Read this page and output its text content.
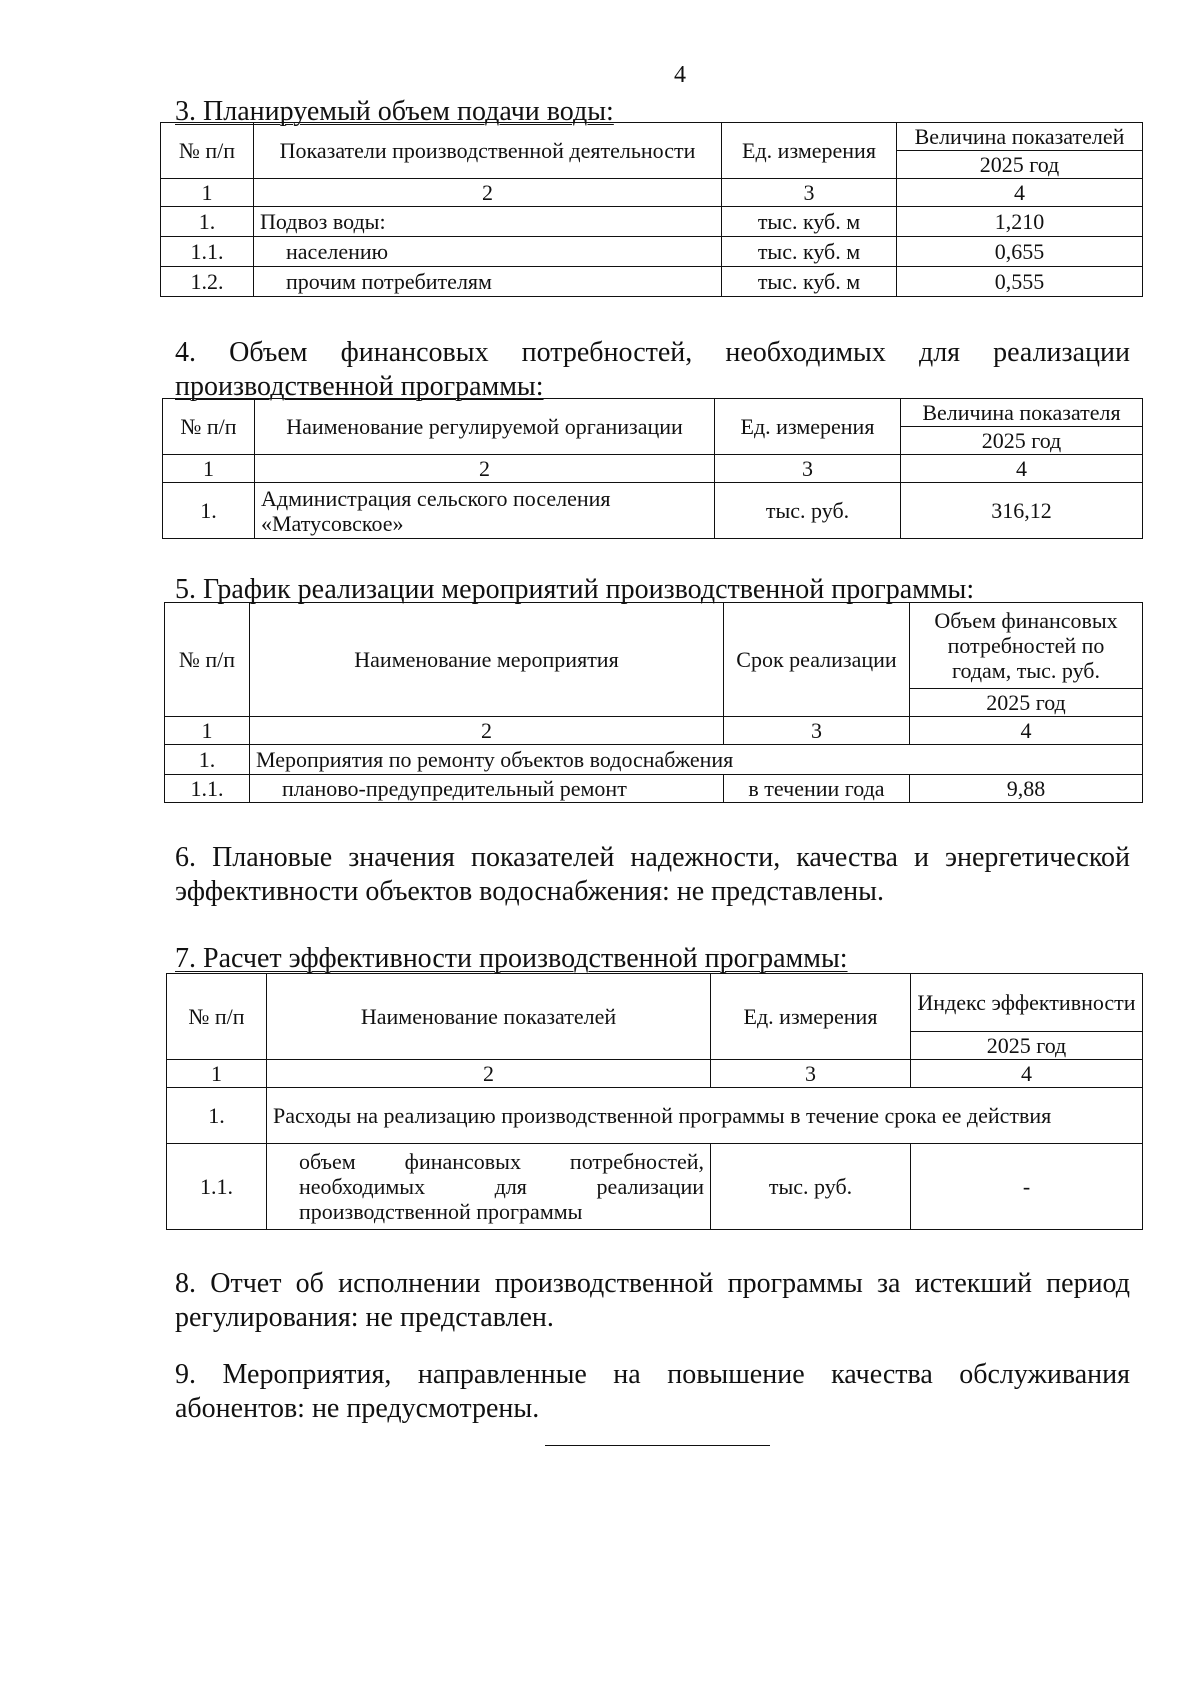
4
3. Планируемый объем подачи воды:
№ п/п	Показатели производственной деятельности	Ед. измерения	Величина показателей
			2025 год
1	2	3	4
1.	Подвоз воды:	тыс. куб. м	1,210
1.1.	населению	тыс. куб. м	0,655
1.2.	прочим потребителям	тыс. куб. м	0,555
4. Объем финансовых потребностей, необходимых для реализации
производственной программы:
№ п/п	Наименование регулируемой организации	Ед. измерения	Величина показателя
			2025 год
1	2	3	4
1.	Администрация сельского поселения «Матусовское»	тыс. руб.	316,12
5. График реализации мероприятий производственной программы:
№ п/п	Наименование мероприятия	Срок реализации	Объем финансовых потребностей по годам, тыс. руб.
			2025 год
1	2	3	4
1.	Мероприятия по ремонту объектов водоснабжения		
1.1.	планово-предупредительный ремонт	в течении года	9,88
6. Плановые значения показателей надежности, качества и энергетической эффективности объектов водоснабжения: не представлены.
7. Расчет эффективности производственной программы:
№ п/п	Наименование показателей	Ед. измерения	Индекс эффективности
			2025 год
1	2	3	4
1.	Расходы на реализацию производственной программы в течение срока ее действия		
1.1.	объем финансовых потребностей, необходимых для реализации производственной программы	тыс. руб.	-
8. Отчет об исполнении производственной программы за истекший период регулирования: не представлен.
9. Мероприятия, направленные на повышение качества обслуживания абонентов: не предусмотрены.
